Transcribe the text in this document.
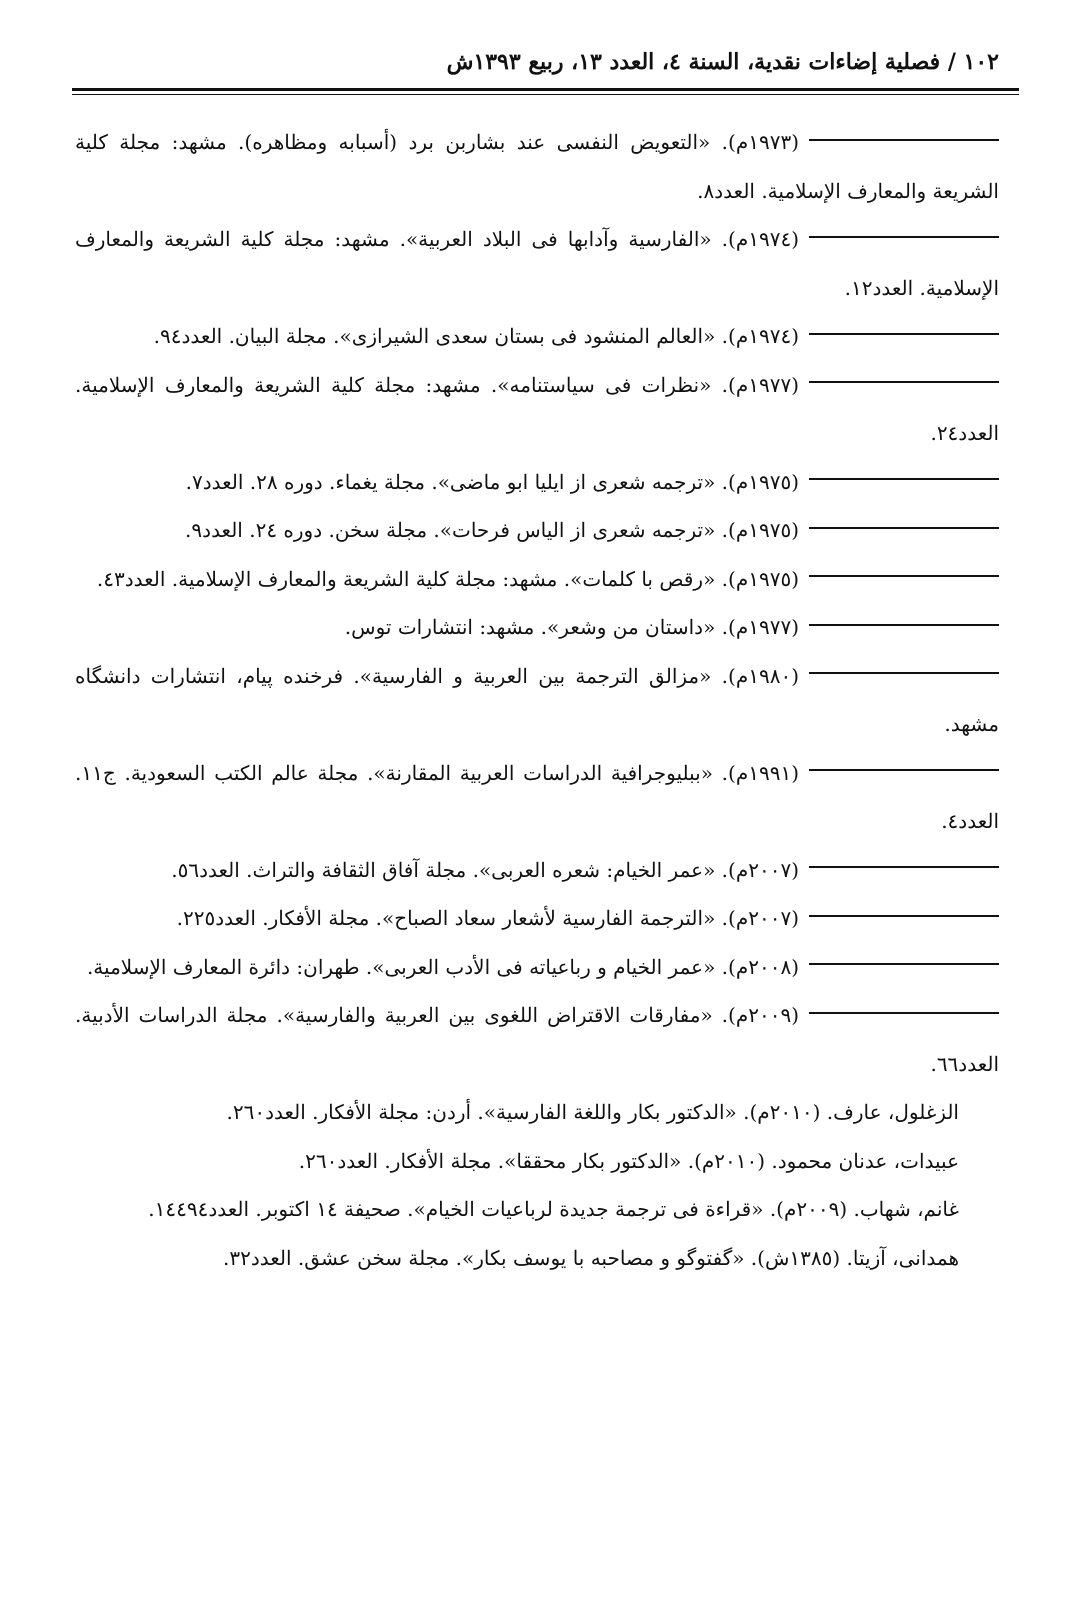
۱۰۲ / فصلية إضاءات نقدية، السنة ٤، العدد ۱۳، ربيع ۱۳۹۳ش

(۱۹۷۳م). «التعويض النفسى عند بشاربن برد (أسبابه ومظاهره). مشهد: مجلة كلية الشريعة والمعارف الإسلامية. العدد۸.

(۱۹۷٤م). «الفارسية وآدابها فى البلاد العربية». مشهد: مجلة كلية الشريعة والمعارف الإسلامية. العدد۱۲.

(۱۹۷٤م). «العالم المنشود فى بستان سعدى الشيرازى». مجلة البيان. العدد٩٤.

(۱۹۷۷م). «نظرات فى سياستنامه». مشهد: مجلة كلية الشريعة والمعارف الإسلامية. العدد٢٤.

(۱۹۷٥م). «ترجمه شعرى از ايليا ابو ماضى». مجلة يغماء. دوره ٢٨. العدد۷.

(۱۹۷٥م). «ترجمه شعرى از الياس فرحات». مجلة سخن. دوره ٢٤. العدد۹.

(۱۹۷٥م). «رقص با كلمات». مشهد: مجلة كلية الشريعة والمعارف الإسلامية. العدد٤٣.

(۱۹۷۷م). «داستان من وشعر». مشهد: انتشارات توس.

(۱۹۸۰م). «مزالق الترجمة بين العربية و الفارسية». فرخنده پيام، انتشارات دانشگاه مشهد.

(۱۹۹۱م). «ببليوجرافية الدراسات العربية المقارنة». مجلة عالم الكتب السعودية. ج۱۱. العدد٤.

(۲۰۰۷م). «عمر الخيام: شعره العربى». مجلة آفاق الثقافة والتراث. العدد٥٦.

(۲۰۰۷م). «الترجمة الفارسية لأشعار سعاد الصباح». مجلة الأفكار. العدد٢٢٥.

(۲۰۰۸م). «عمر الخيام و رباعياته فى الأدب العربى». طهران: دائرة المعارف الإسلامية.

(۲۰۰۹م). «مفارقات الاقتراض اللغوى بين العربية والفارسية». مجلة الدراسات الأدبية. العدد٦٦.

الزغلول، عارف. (۲۰۱۰م). «الدكتور بكار واللغة الفارسية». أردن: مجلة الأفكار. العدد٢٦٠.

عبيدات، عدنان محمود. (۲۰۱۰م). «الدكتور بكار محققا». مجلة الأفكار. العدد٢٦٠.

غانم، شهاب. (۲۰۰۹م). «قراءة فى ترجمة جديدة لرباعيات الخيام». صحيفة ١٤ اكتوبر. العدد١٤٤٩٤.

همدانى، آزيتا. (۱۳۸٥ش). «گفتوگو و مصاحبه با يوسف بكار». مجلة سخن عشق. العدد٣٢.
